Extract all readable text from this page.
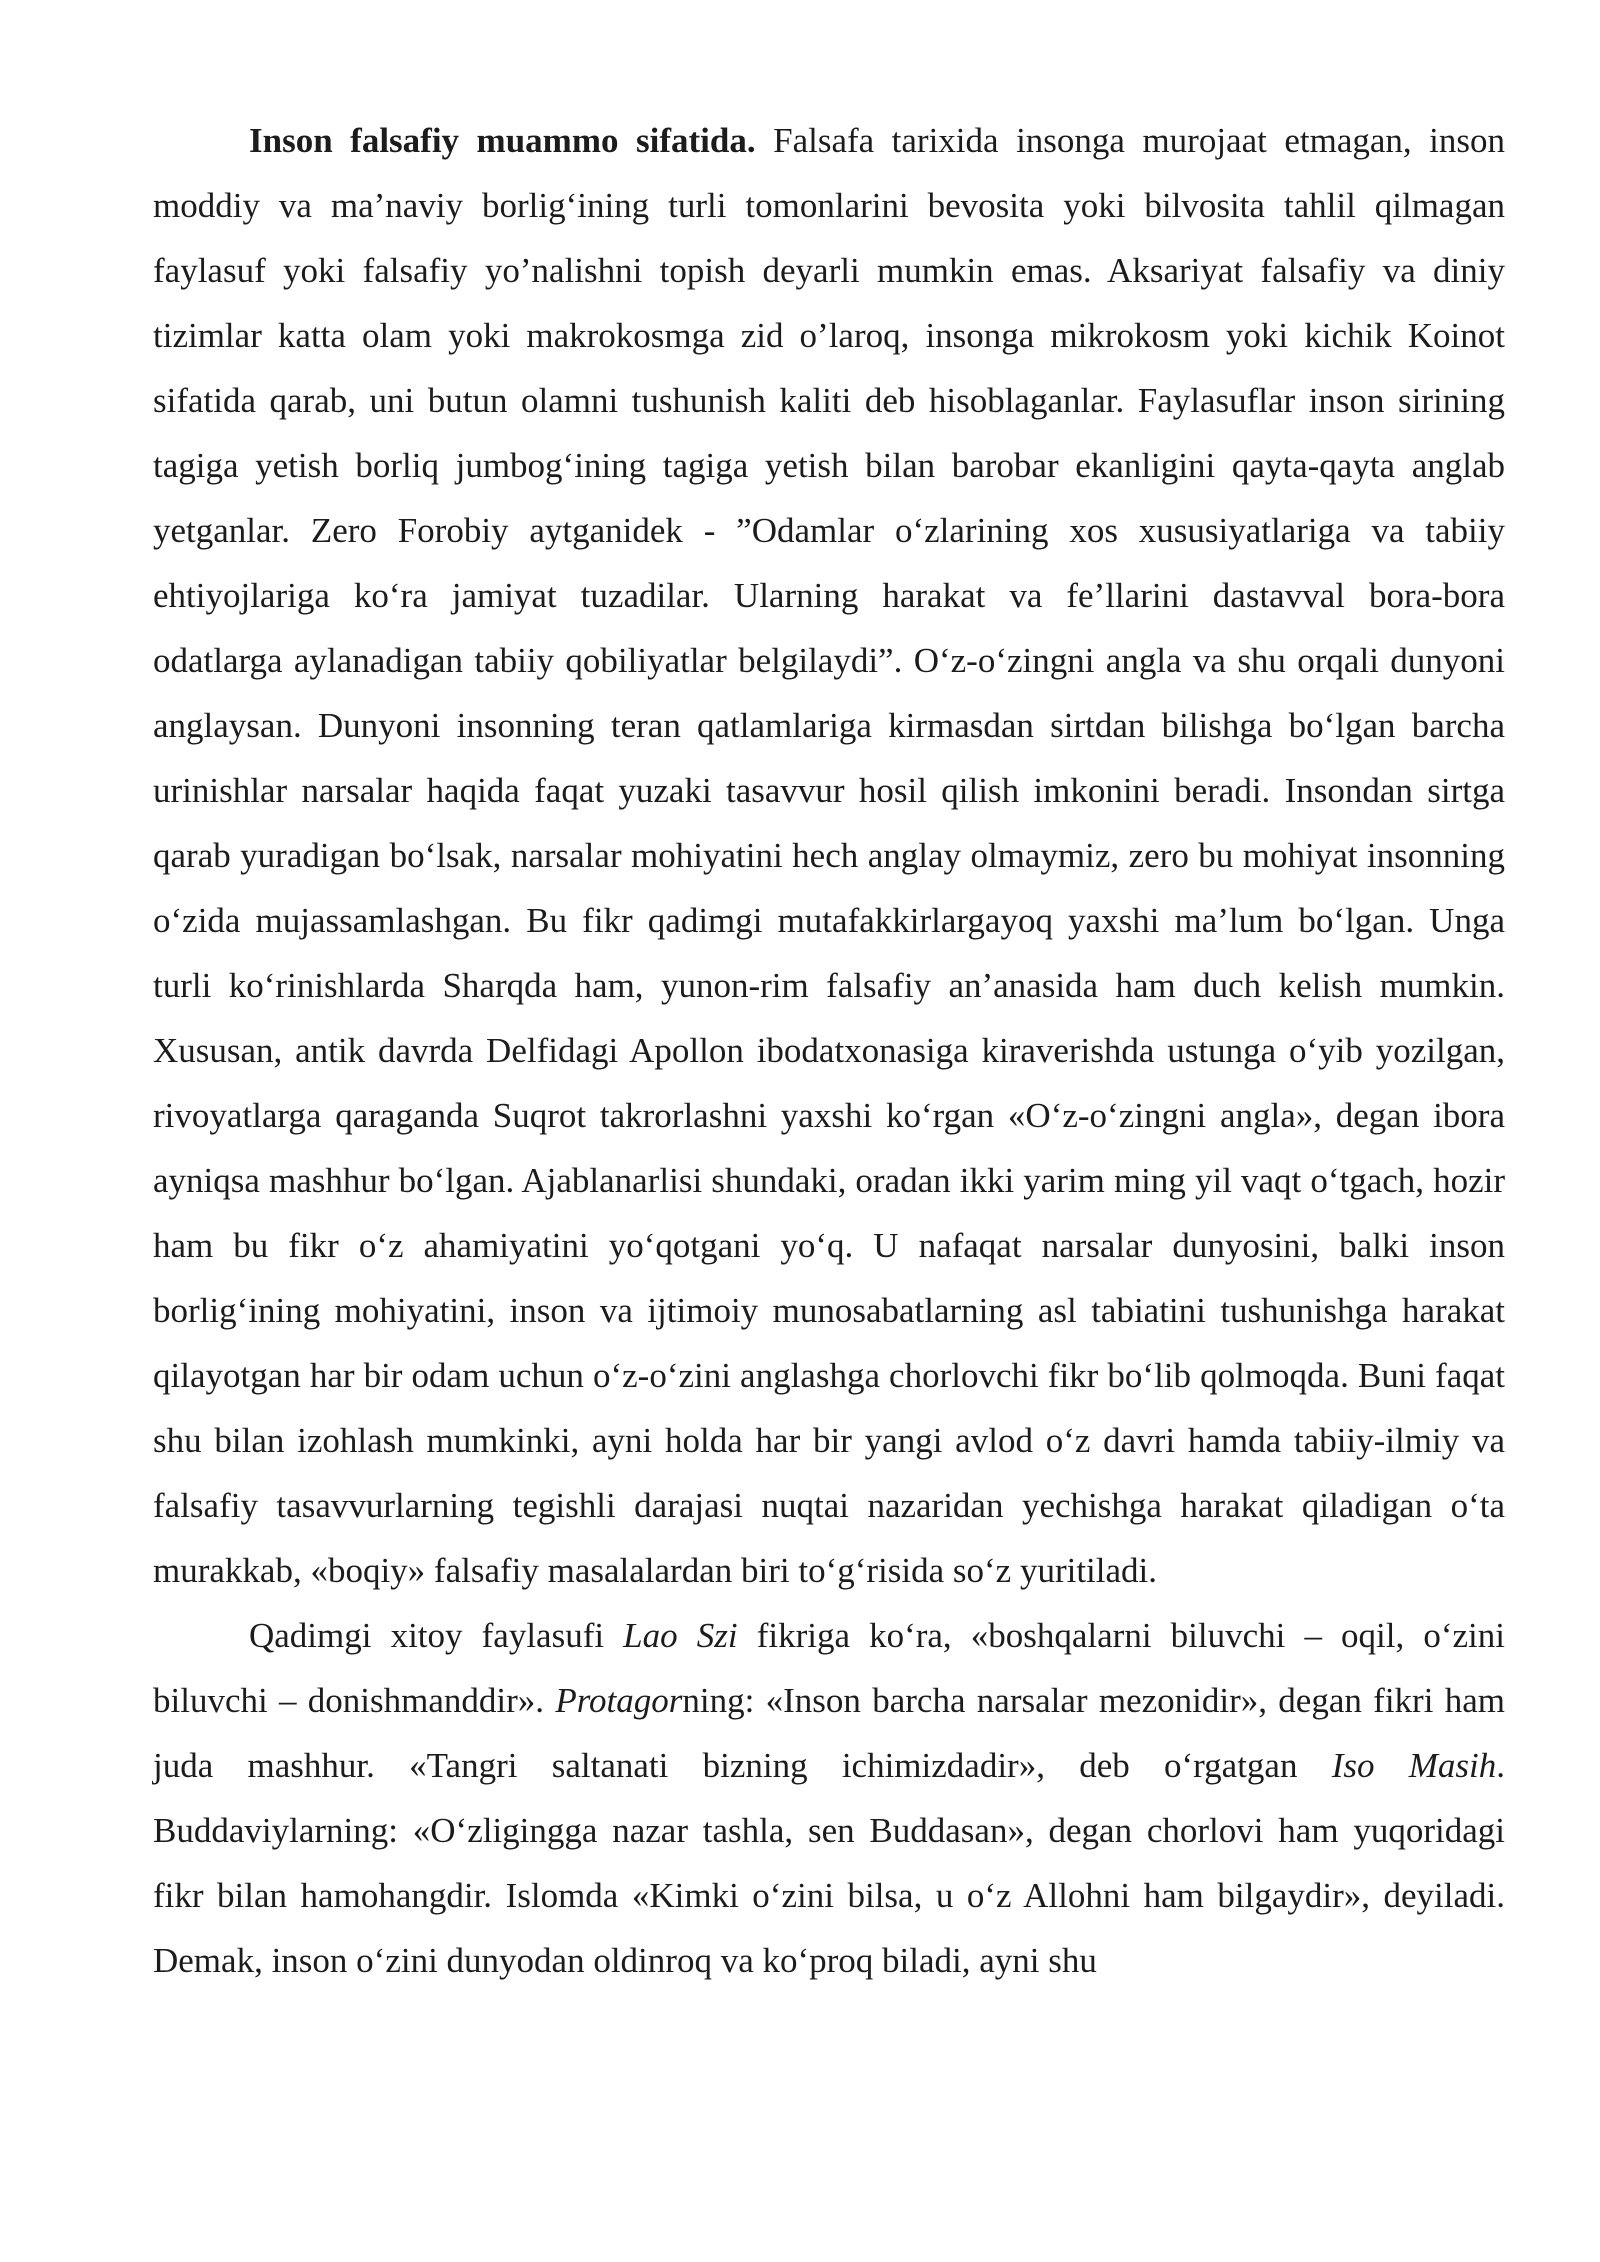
Inson falsafiy muammo sifatida. Falsafa tarixida insonga murojaat etmagan, inson moddiy va ma’naviy borlig‘ining turli tomonlarini bevosita yoki bilvosita tahlil qilmagan faylasuf yoki falsafiy yo’nalishni topish deyarli mumkin emas. Aksariyat falsafiy va diniy tizimlar katta olam yoki makrokosmga zid o’laroq, insonga mikrokosm yoki kichik Koinot sifatida qarab, uni butun olamni tushunish kaliti deb hisoblaganlar. Faylasuflar inson sirining tagiga yetish borliq jumbog‘ining tagiga yetish bilan barobar ekanligini qayta-qayta anglab yetganlar. Zero Forobiy aytganidek - ”Odamlar o‘zlarining xos xususiyatlariga va tabiiy ehtiyojlariga ko‘ra jamiyat tuzadilar. Ularning harakat va fe’llarini dastavval bora-bora odatlarga aylanadigan tabiiy qobiliyatlar belgilaydi”. O‘z-o‘zingni angla va shu orqali dunyoni anglaysan. Dunyoni insonning teran qatlamlariga kirmasdan sirtdan bilishga bo‘lgan barcha urinishlar narsalar haqida faqat yuzaki tasavvur hosil qilish imkonini beradi. Insondan sirtga qarab yuradigan bo‘lsak, narsalar mohiyatini hech anglay olmaymiz, zero bu mohiyat insonning o‘zida mujassamlashgan. Bu fikr qadimgi mutafakkirlargayoq yaxshi ma’lum bo‘lgan. Unga turli ko‘rinishlarda Sharqda ham, yunon-rim falsafiy an’anasida ham duch kelish mumkin. Xususan, antik davrda Delfidagi Apollon ibodatxonasiga kiraverishda ustunga o‘yib yozilgan, rivoyatlarga qaraganda Suqrot takrorlashni yaxshi ko‘rgan «O‘z-o‘zingni angla», degan ibora ayniqsa mashhur bo‘lgan. Ajablanarlisi shundaki, oradan ikki yarim ming yil vaqt o‘tgach, hozir ham bu fikr o‘z ahamiyatini yo‘qotgani yo‘q. U nafaqat narsalar dunyosini, balki inson borlig‘ining mohiyatini, inson va ijtimoiy munosabatlarning asl tabiatini tushunishga harakat qilayotgan har bir odam uchun o‘z-o‘zini anglashga chorlovchi fikr bo‘lib qolmoqda. Buni faqat shu bilan izohlash mumkinki, ayni holda har bir yangi avlod o‘z davri hamda tabiiy-ilmiy va falsafiy tasavvurlarning tegishli darajasi nuqtai nazaridan yechishga harakat qiladigan o‘ta murakkab, «boqiy» falsafiy masalalardan biri to‘g‘risida so‘z yuritiladi.

Qadimgi xitoy faylasufi Lao Szi fikriga ko‘ra, «boshqalarni biluvchi – oqil, o‘zini biluvchi – donishmanddir». Protagorning: «Inson barcha narsalar mezonidir», degan fikri ham juda mashhur. «Tangri saltanati bizning ichimizdadir», deb o‘rgatgan Iso Masih. Buddaviylarning: «O‘zligingga nazar tashla, sen Buddasan», degan chorlovi ham yuqoridagi fikr bilan hamohangdir. Islomda «Kimki o‘zini bilsa, u o‘z Allohni ham bilgaydir», deyiladi. Demak, inson o‘zini dunyodan oldinroq va ko‘proq biladi, ayni shu
